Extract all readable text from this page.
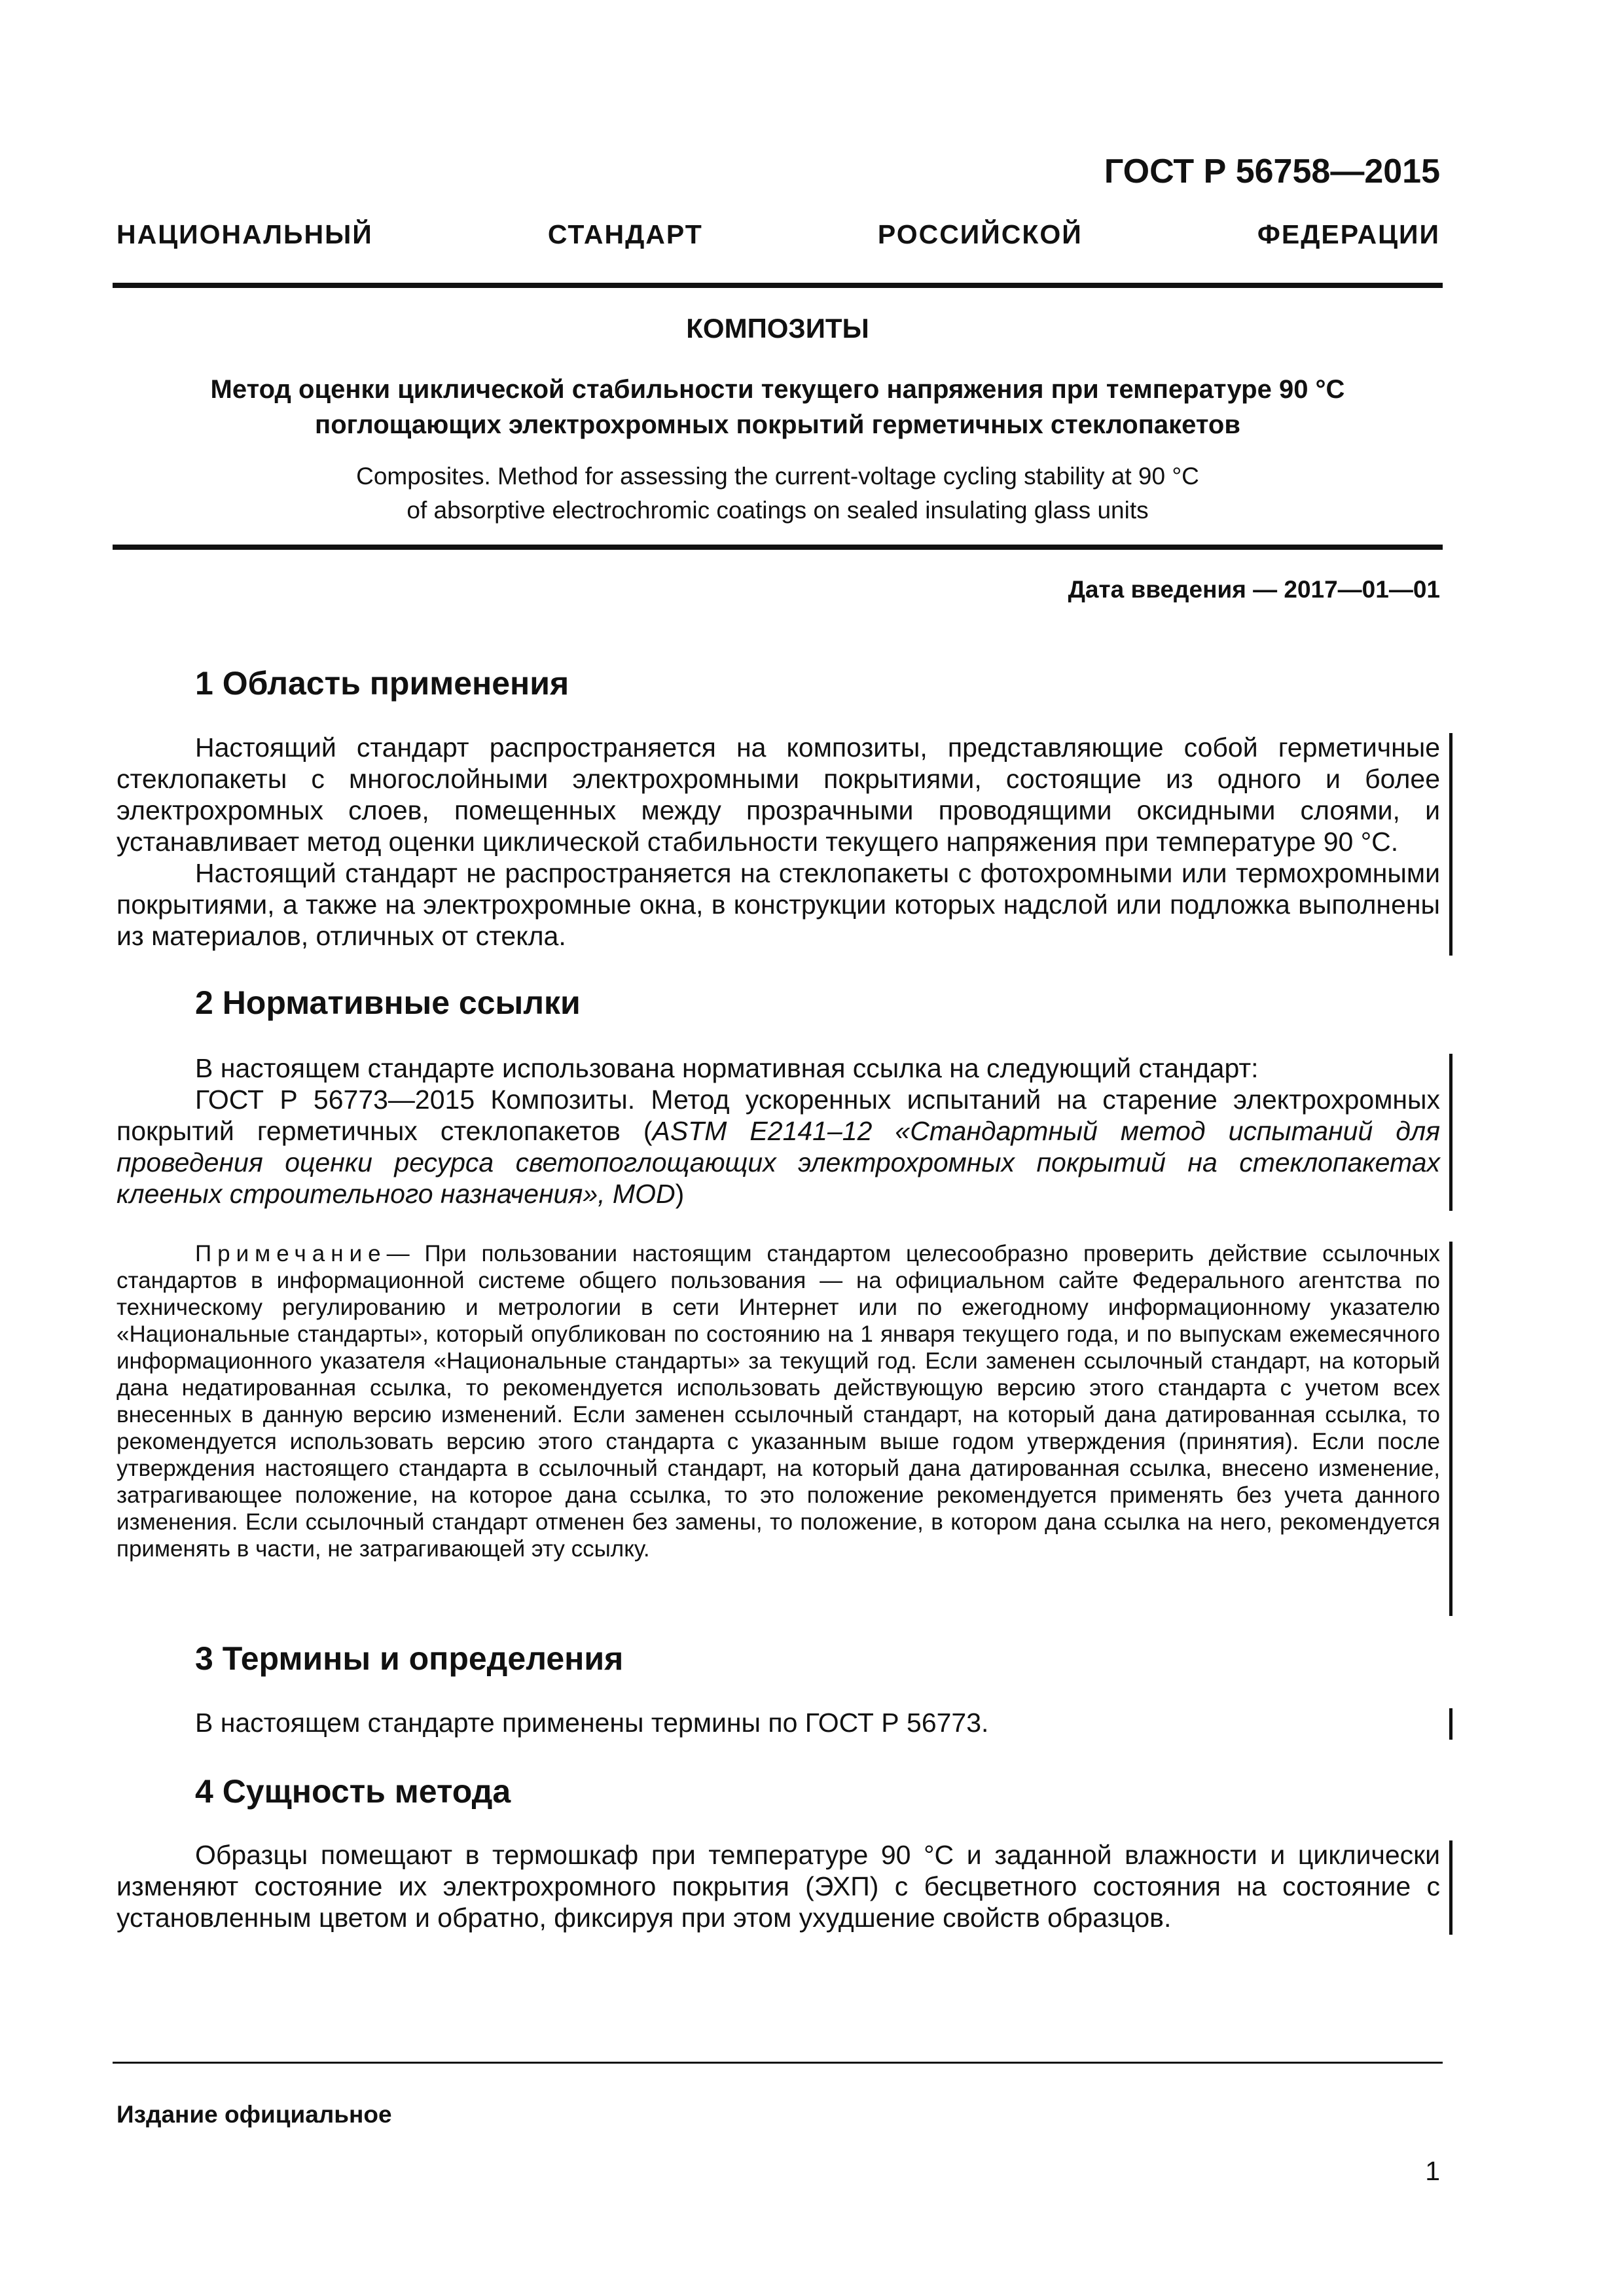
ГОСТ Р 56758—2015
НАЦИОНАЛЬНЫЙ СТАНДАРТ РОССИЙСКОЙ ФЕДЕРАЦИИ
КОМПОЗИТЫ
Метод оценки циклической стабильности текущего напряжения при температуре 90 °C
поглощающих электрохромных покрытий герметичных стеклопакетов
Composites. Method for assessing the current-voltage cycling stability at 90 °C
of absorptive electrochromic coatings on sealed insulating glass units
Дата введения — 2017—01—01
1 Область применения

Настоящий стандарт распространяется на композиты, представляющие собой герметичные стеклопакеты с многослойными электрохромными покрытиями, состоящие из одного и более электрохромных слоев, помещенных между прозрачными проводящими оксидными слоями, и устанавливает метод оценки циклической стабильности текущего напряжения при температуре 90 °C.

Настоящий стандарт не распространяется на стеклопакеты с фотохромными или термохромными покрытиями, а также на электрохромные окна, в конструкции которых надслой или подложка выполнены из материалов, отличных от стекла.

2 Нормативные ссылки

В настоящем стандарте использована нормативная ссылка на следующий стандарт:

ГОСТ Р 56773—2015 Композиты. Метод ускоренных испытаний на старение электрохромных покрытий герметичных стеклопакетов (ASTM E2141–12 «Стандартный метод испытаний для проведения оценки ресурса светопоглощающих электрохромных покрытий на стеклопакетах клееных строительного назначения», MOD)

Примечание— При пользовании настоящим стандартом целесообразно проверить действие ссылочных стандартов в информационной системе общего пользования — на официальном сайте Федерального агентства по техническому регулированию и метрологии в сети Интернет или по ежегодному информационному указателю «Национальные стандарты», который опубликован по состоянию на 1 января текущего года, и по выпускам ежемесячного информационного указателя «Национальные стандарты» за текущий год. Если заменен ссылочный стандарт, на который дана недатированная ссылка, то рекомендуется использовать действующую версию этого стандарта с учетом всех внесенных в данную версию изменений. Если заменен ссылочный стандарт, на который дана датированная ссылка, то рекомендуется использовать версию этого стандарта с указанным выше годом утверждения (принятия). Если после утверждения настоящего стандарта в ссылочный стандарт, на который дана датированная ссылка, внесено изменение, затрагивающее положение, на которое дана ссылка, то это положение рекомендуется применять без учета данного изменения. Если ссылочный стандарт отменен без замены, то положение, в котором дана ссылка на него, рекомендуется применять в части, не затрагивающей эту ссылку.

3 Термины и определения

В настоящем стандарте применены термины по ГОСТ Р 56773.

4 Сущность метода

Образцы помещают в термошкаф при температуре 90 °C и заданной влажности и циклически изменяют состояние их электрохромного покрытия (ЭХП) с бесцветного состояния на состояние с установленным цветом и обратно, фиксируя при этом ухудшение свойств образцов.

Издание официальное
1
